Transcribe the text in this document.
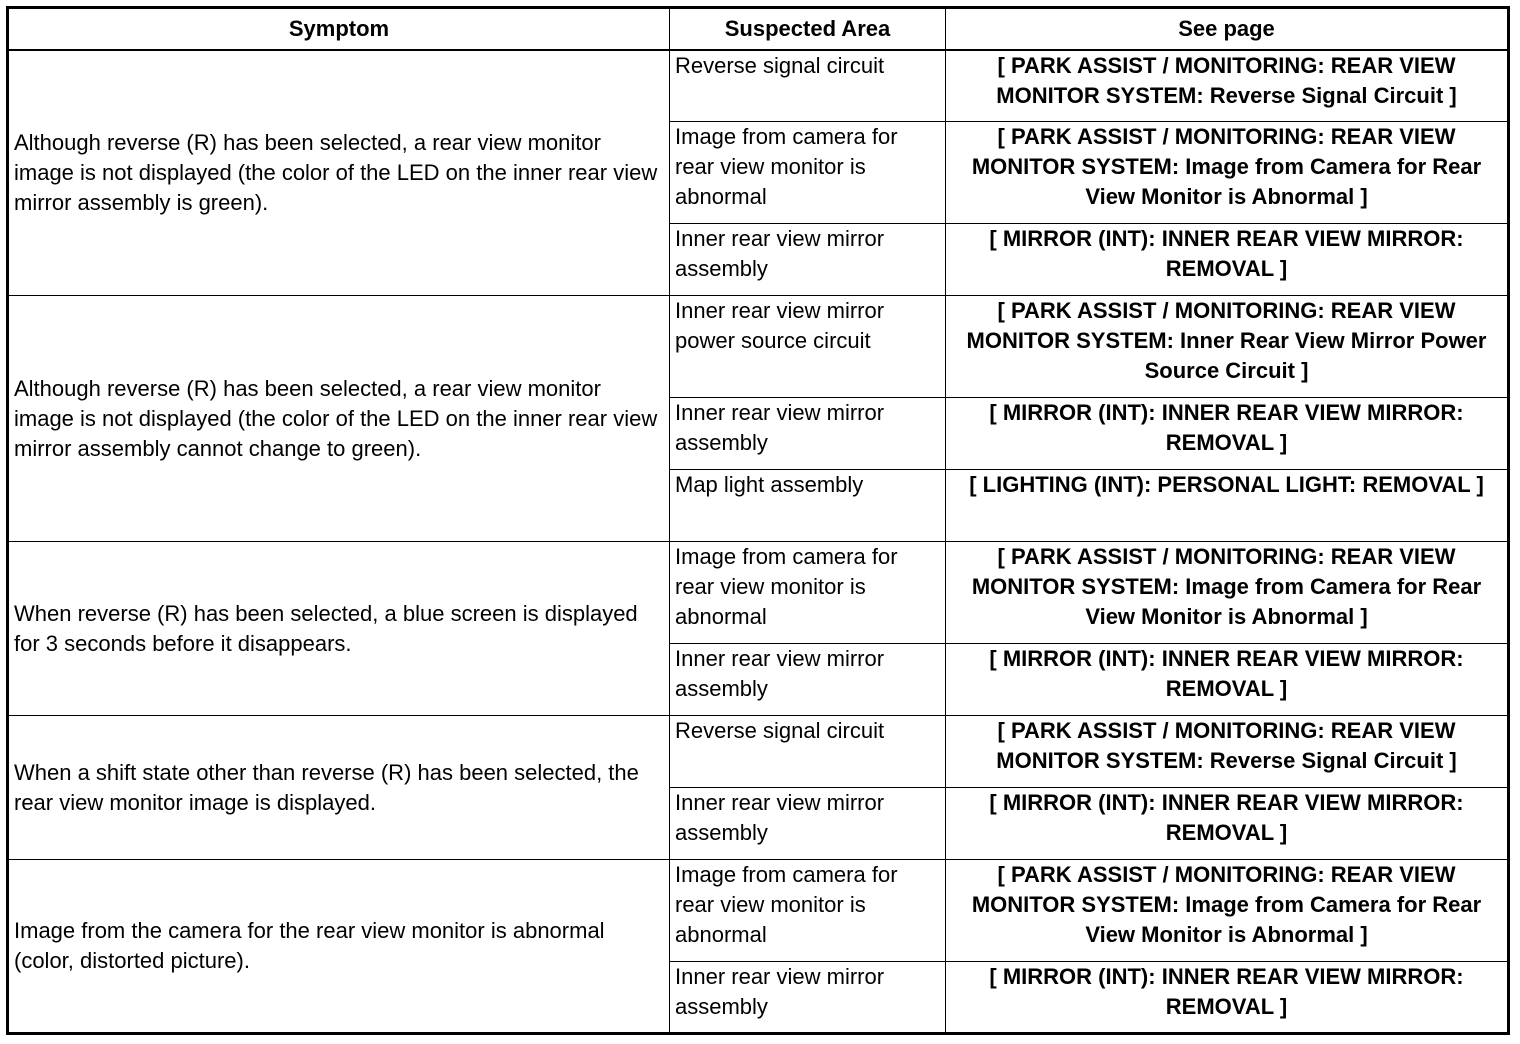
Symptom	Suspected Area	See page
Although reverse (R) has been selected, a rear view monitor image is not displayed (the color of the LED on the inner rear view mirror assembly is green).	Reverse signal circuit	[ PARK ASSIST / MONITORING: REAR VIEW MONITOR SYSTEM: Reverse Signal Circuit ]
	Image from camera for rear view monitor is abnormal	[ PARK ASSIST / MONITORING: REAR VIEW MONITOR SYSTEM: Image from Camera for Rear View Monitor is Abnormal ]
	Inner rear view mirror assembly	[ MIRROR (INT): INNER REAR VIEW MIRROR: REMOVAL ]
Although reverse (R) has been selected, a rear view monitor image is not displayed (the color of the LED on the inner rear view mirror assembly cannot change to green).	Inner rear view mirror power source circuit	[ PARK ASSIST / MONITORING: REAR VIEW MONITOR SYSTEM: Inner Rear View Mirror Power Source Circuit ]
	Inner rear view mirror assembly	[ MIRROR (INT): INNER REAR VIEW MIRROR: REMOVAL ]
	Map light assembly	[ LIGHTING (INT): PERSONAL LIGHT: REMOVAL ]
When reverse (R) has been selected, a blue screen is displayed for 3 seconds before it disappears.	Image from camera for rear view monitor is abnormal	[ PARK ASSIST / MONITORING: REAR VIEW MONITOR SYSTEM: Image from Camera for Rear View Monitor is Abnormal ]
	Inner rear view mirror assembly	[ MIRROR (INT): INNER REAR VIEW MIRROR: REMOVAL ]
When a shift state other than reverse (R) has been selected, the rear view monitor image is displayed.	Reverse signal circuit	[ PARK ASSIST / MONITORING: REAR VIEW MONITOR SYSTEM: Reverse Signal Circuit ]
	Inner rear view mirror assembly	[ MIRROR (INT): INNER REAR VIEW MIRROR: REMOVAL ]
Image from the camera for the rear view monitor is abnormal (color, distorted picture).	Image from camera for rear view monitor is abnormal	[ PARK ASSIST / MONITORING: REAR VIEW MONITOR SYSTEM: Image from Camera for Rear View Monitor is Abnormal ]
	Inner rear view mirror assembly	[ MIRROR (INT): INNER REAR VIEW MIRROR: REMOVAL ]
